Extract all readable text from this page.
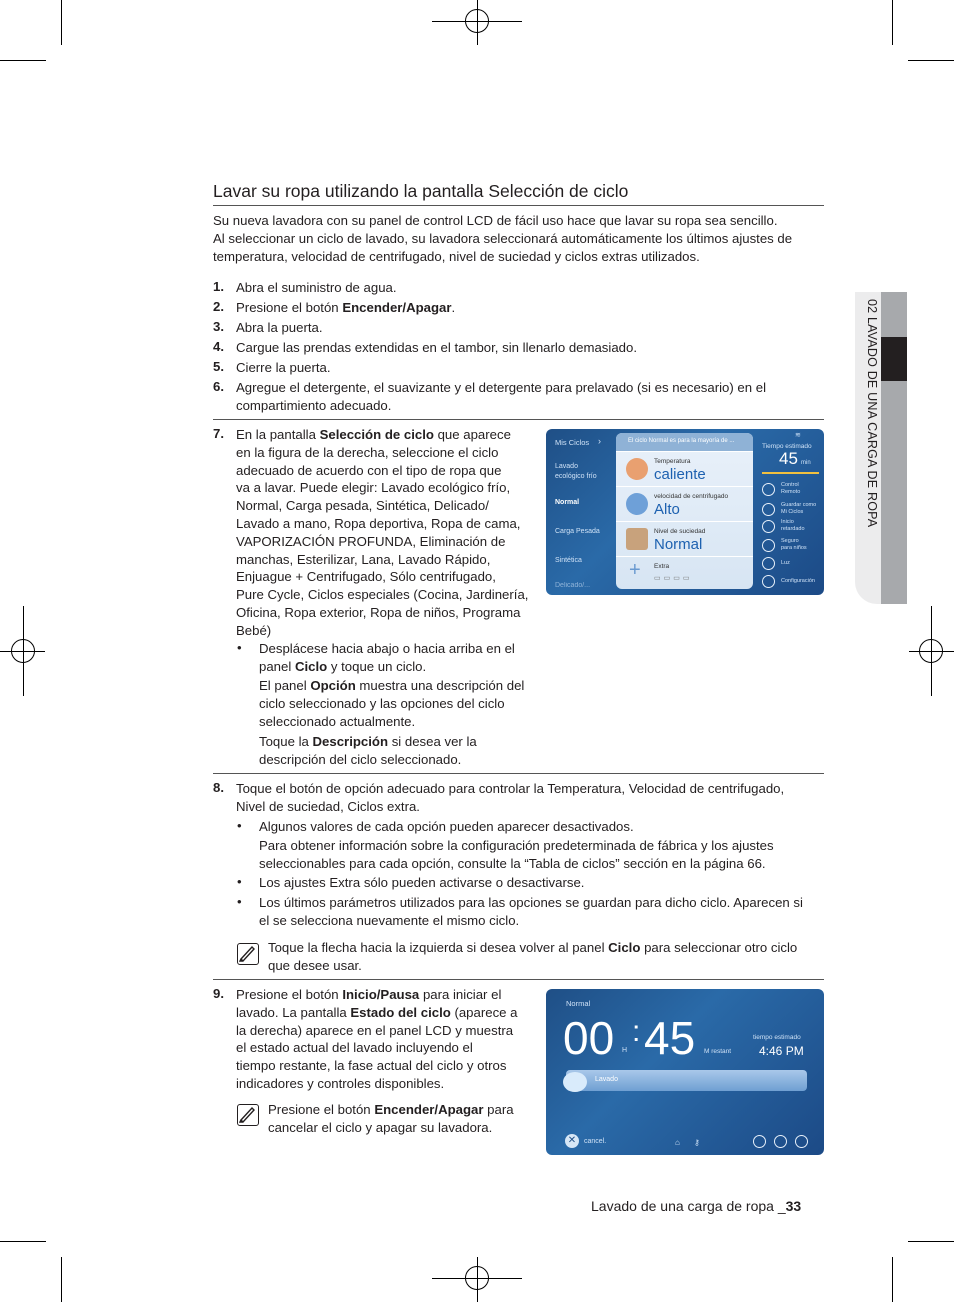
02 LAVADO DE UNA CARGA DE ROPA
Lavar su ropa utilizando la pantalla Selección de ciclo
Su nueva lavadora con su panel de control LCD de fácil uso hace que lavar su ropa sea sencillo.
Al seleccionar un ciclo de lavado, su lavadora seleccionará automáticamente los últimos ajustes de
temperatura, velocidad de centrifugado, nivel de suciedad y ciclos extras utilizados.
1. Abra el suministro de agua.
2. Presione el botón Encender/Apagar.
3. Abra la puerta.
4. Cargue las prendas extendidas en el tambor, sin llenarlo demasiado.
5. Cierre la puerta.
6. Agregue el detergente, el suavizante y el detergente para prelavado (si es necesario) en el
compartimiento adecuado.
7. En la pantalla Selección de ciclo que aparece
en la figura de la derecha, seleccione el ciclo
adecuado de acuerdo con el tipo de ropa que
va a lavar. Puede elegir: Lavado ecológico frío,
Normal, Carga pesada, Sintética, Delicado/
Lavado a mano, Ropa deportiva, Ropa de cama,
VAPORIZACIÓN PROFUNDA, Eliminación de
manchas, Esterilizar, Lana, Lavado Rápido,
Enjuague + Centrifugado, Sólo centrifugado,
Pure Cycle, Ciclos especiales (Cocina, Jardinería,
Oficina, Ropa exterior, Ropa de niños, Programa
Bebé)
• Desplácese hacia abajo o hacia arriba en el
panel Ciclo y toque un ciclo.
El panel Opción muestra una descripción del
ciclo seleccionado y las opciones del ciclo
seleccionado actualmente.
Toque la Descripción si desea ver la
descripción del ciclo seleccionado.
Mis Ciclos ›
Lavado
ecológico frío
Normal
Carga Pesada
Sintética
Delicado/...
El ciclo Normal es para la mayoría de ...
Temperatura
caliente
velocidad de centrifugado
Alto
Nivel de suciedad
Normal
+ Extra
▭▭▭▭
≋
Tiempo estimado
45 min
Control
Remoto
Guardar como
Mi Ciclos
Inicio
retardado
Seguro
para niños
Luz
Configuración
8. Toque el botón de opción adecuado para controlar la Temperatura, Velocidad de centrifugado,
Nivel de suciedad, Ciclos extra.
• Algunos valores de cada opción pueden aparecer desactivados.
Para obtener información sobre la configuración predeterminada de fábrica y los ajustes
seleccionables para cada opción, consulte la “Tabla de ciclos” sección en la página 66.
• Los ajustes Extra sólo pueden activarse o desactivarse.
• Los últimos parámetros utilizados para las opciones se guardan para dicho ciclo. Aparecen si
el se selecciona nuevamente el mismo ciclo.
Toque la flecha hacia la izquierda si desea volver al panel Ciclo para seleccionar otro ciclo
que desee usar.
9. Presione el botón Inicio/Pausa para iniciar el
lavado. La pantalla Estado del ciclo (aparece a
la derecha) aparece en el panel LCD y muestra
el estado actual del lavado incluyendo el
tiempo restante, la fase actual del ciclo y otros
indicadores y controles disponibles.
Presione el botón Encender/Apagar para
cancelar el ciclo y apagar su lavadora.
Normal
00 H
: 45 M restant
tiempo estimado
4:46 PM
Lavado
✕	cancel.	⌂ ⚷
Lavado de una carga de ropa _33
